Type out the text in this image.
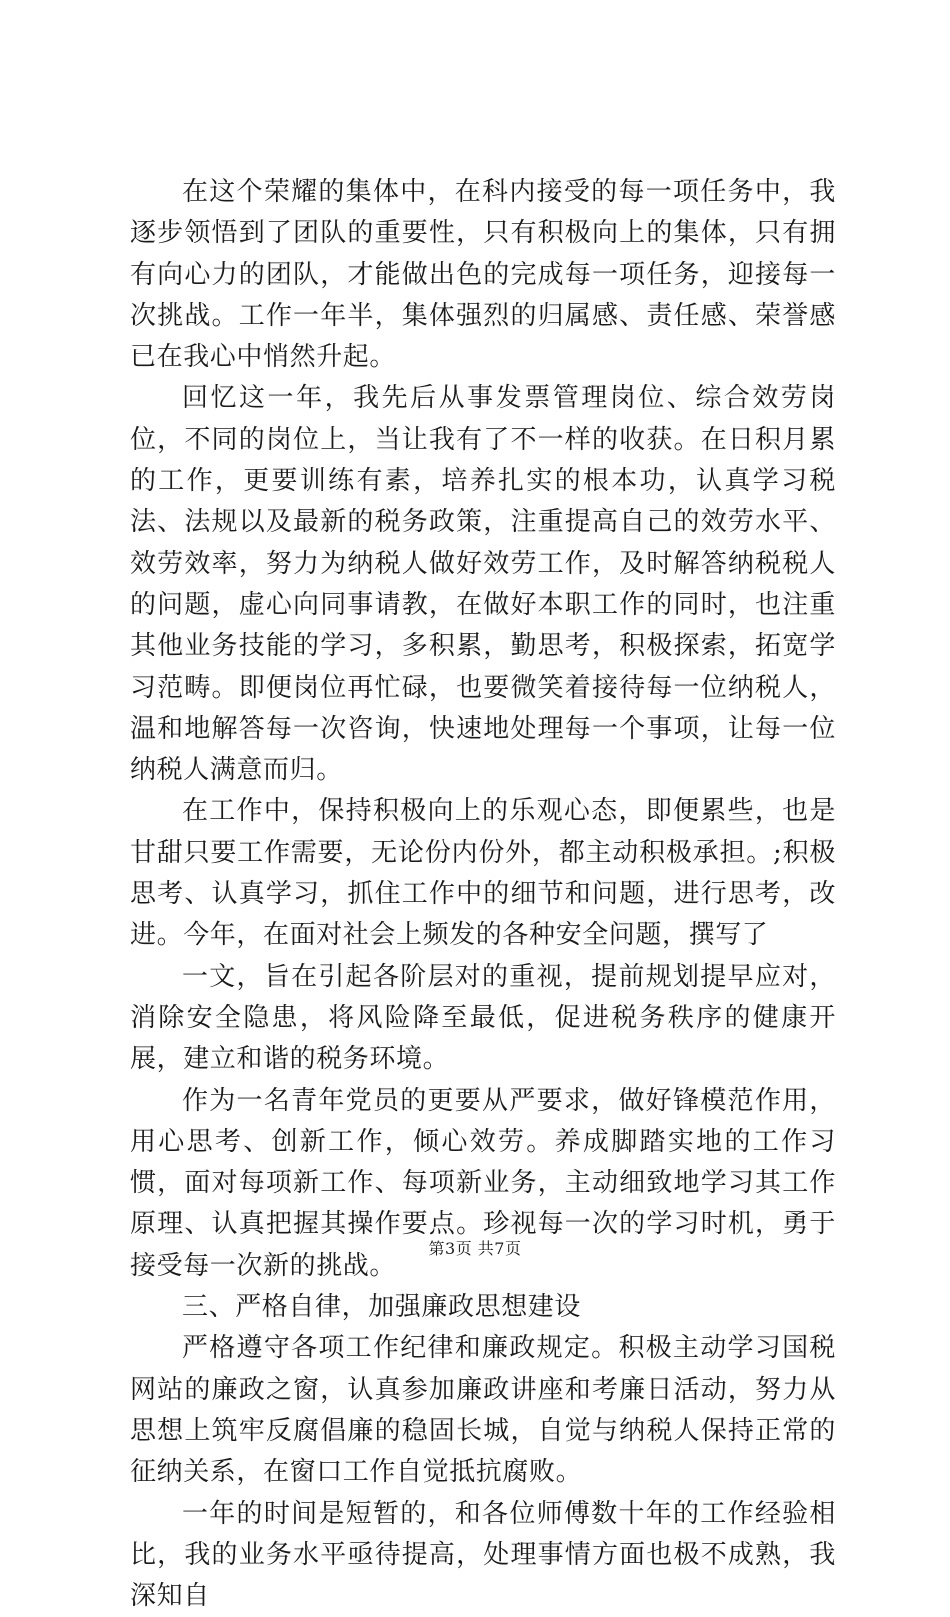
在这个荣耀的集体中，在科内接受的每一项任务中，我逐步领悟到了团队的重要性，只有积极向上的集体，只有拥有向心力的团队，才能做出色的完成每一项任务，迎接每一次挑战。工作一年半，集体强烈的归属感、责任感、荣誉感已在我心中悄然升起。

回忆这一年，我先后从事发票管理岗位、综合效劳岗位，不同的岗位上，当让我有了不一样的收获。在日积月累的工作，更要训练有素，培养扎实的根本功，认真学习税法、法规以及最新的税务政策，注重提高自己的效劳水平、效劳效率，努力为纳税人做好效劳工作，及时解答纳税税人的问题，虚心向同事请教，在做好本职工作的同时，也注重其他业务技能的学习，多积累，勤思考，积极探索，拓宽学习范畴。即便岗位再忙碌，也要微笑着接待每一位纳税人，温和地解答每一次咨询，快速地处理每一个事项，让每一位纳税人满意而归。

在工作中，保持积极向上的乐观心态，即便累些，也是甘甜只要工作需要，无论份内份外，都主动积极承担。;积极思考、认真学习，抓住工作中的细节和问题，进行思考，改进。今年，在面对社会上频发的各种安全问题，撰写了

一文，旨在引起各阶层对的重视，提前规划提早应对，消除安全隐患，将风险降至最低，促进税务秩序的健康开展，建立和谐的税务环境。

作为一名青年党员的更要从严要求，做好锋模范作用，用心思考、创新工作，倾心效劳。养成脚踏实地的工作习惯，面对每项新工作、每项新业务，主动细致地学习其工作原理、认真把握其操作要点。珍视每一次的学习时机，勇于接受每一次新的挑战。

三、严格自律，加强廉政思想建设

严格遵守各项工作纪律和廉政规定。积极主动学习国税网站的廉政之窗，认真参加廉政讲座和考廉日活动，努力从思想上筑牢反腐倡廉的稳固长城，自觉与纳税人保持正常的征纳关系，在窗口工作自觉抵抗腐败。

一年的时间是短暂的，和各位师傅数十年的工作经验相比，我的业务水平亟待提高，处理事情方面也极不成熟，我深知自

第3页 共7页
